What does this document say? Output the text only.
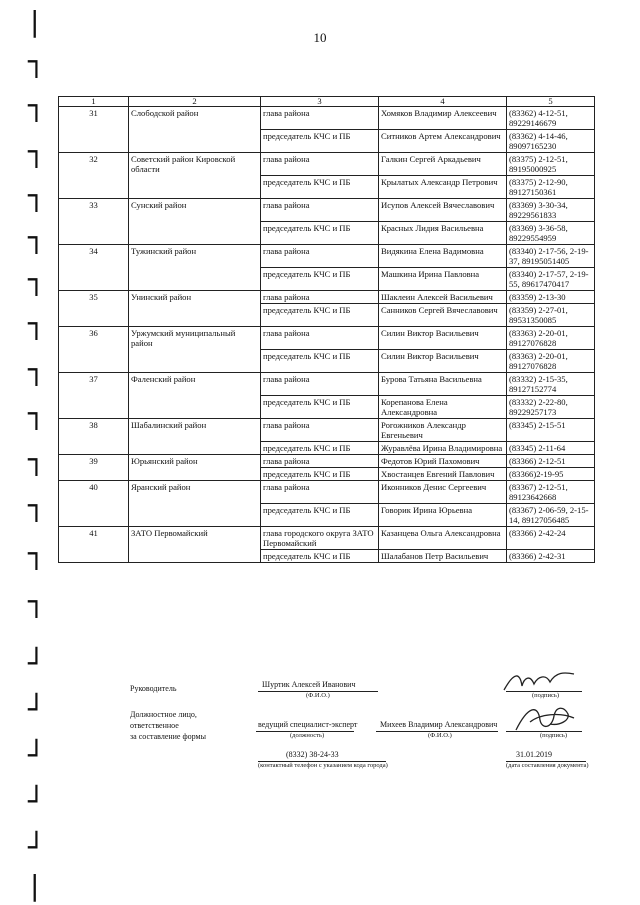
10
|
┐
┐
┐
┐
┐
┐
┐
┐
┐
┐
┐
┐
┐
┘
┘
┘
┘
┘
|
1	2	3	4	5
31	Слободской район	глава района	Хомяков Владимир Алексеевич	(83362) 4-12-51, 89229146679
		председатель КЧС и ПБ	Ситников Артем Александрович	(83362) 4-14-46, 89097165230
32	Советский район Кировской области	глава района	Галкин Сергей Аркадьевич	(83375) 2-12-51, 89195000925
		председатель КЧС и ПБ	Крылатых Александр Петрович	(83375) 2-12-90, 89127150361
33	Сунский район	глава района	Исупов Алексей Вячеславович	(83369) 3-30-34, 89229561833
		председатель КЧС и ПБ	Красных Лидия Васильевна	(83369) 3-36-58, 89229554959
34	Тужинский район	глава района	Видякина Елена Вадимовна	(83340) 2-17-56, 2-19-37, 89195051405
		председатель КЧС и ПБ	Машкина Ирина Павловна	(83340) 2-17-57, 2-19-55, 89617470417
35	Унинский район	глава района	Шаклеин Алексей Васильевич	(83359) 2-13-30
		председатель КЧС и ПБ	Санников Сергей Вячеславович	(83359) 2-27-01, 89531350085
36	Уржумский муниципальный район	глава района	Силин Виктор Васильевич	(83363) 2-20-01, 89127076828
		председатель КЧС и ПБ	Силин Виктор Васильевич	(83363) 2-20-01, 89127076828
37	Фаленский район	глава района	Бурова Татьяна Васильевна	(83332) 2-15-35, 89127152774
		председатель КЧС и ПБ	Корепанова Елена Александровна	(83332) 2-22-80, 89229257173
38	Шабалинский район	глава района	Рогожников Александр Евгеньевич	(83345) 2-15-51
		председатель КЧС и ПБ	Журавлёва Ирина Владимировна	(83345) 2-11-64
39	Юрьянский район	глава района	Федотов Юрий Пахомович	(83366) 2-12-51
		председатель КЧС и ПБ	Хвостанцев Евгений Павлович	(83366)2-19-95
40	Яранский район	глава района	Иконников Денис Сергеевич	(83367) 2-12-51, 89123642668
		председатель КЧС и ПБ	Говорик Ирина Юрьевна	(83367) 2-06-59, 2-15-14, 89127056485
41	ЗАТО Первомайский	глава городского округа ЗАТО Первомайский	Казанцева Ольга Александровна	(83366) 2-42-24
		председатель КЧС и ПБ	Шалабанов Петр Васильевич	(83366) 2-42-31
Руководитель	Шуртик Алексей Иванович
(Ф.И.О.)	(подпись)
Должностное лицо,
ответственное
за составление формы
ведущий специалист-эксперт
(должность)
Михеев Владимир Александрович
(Ф.И.О.)	(подпись)
(8332) 38-24-33
(контактный телефон с указанием кода города)
31.01.2019
(дата составления документа)
